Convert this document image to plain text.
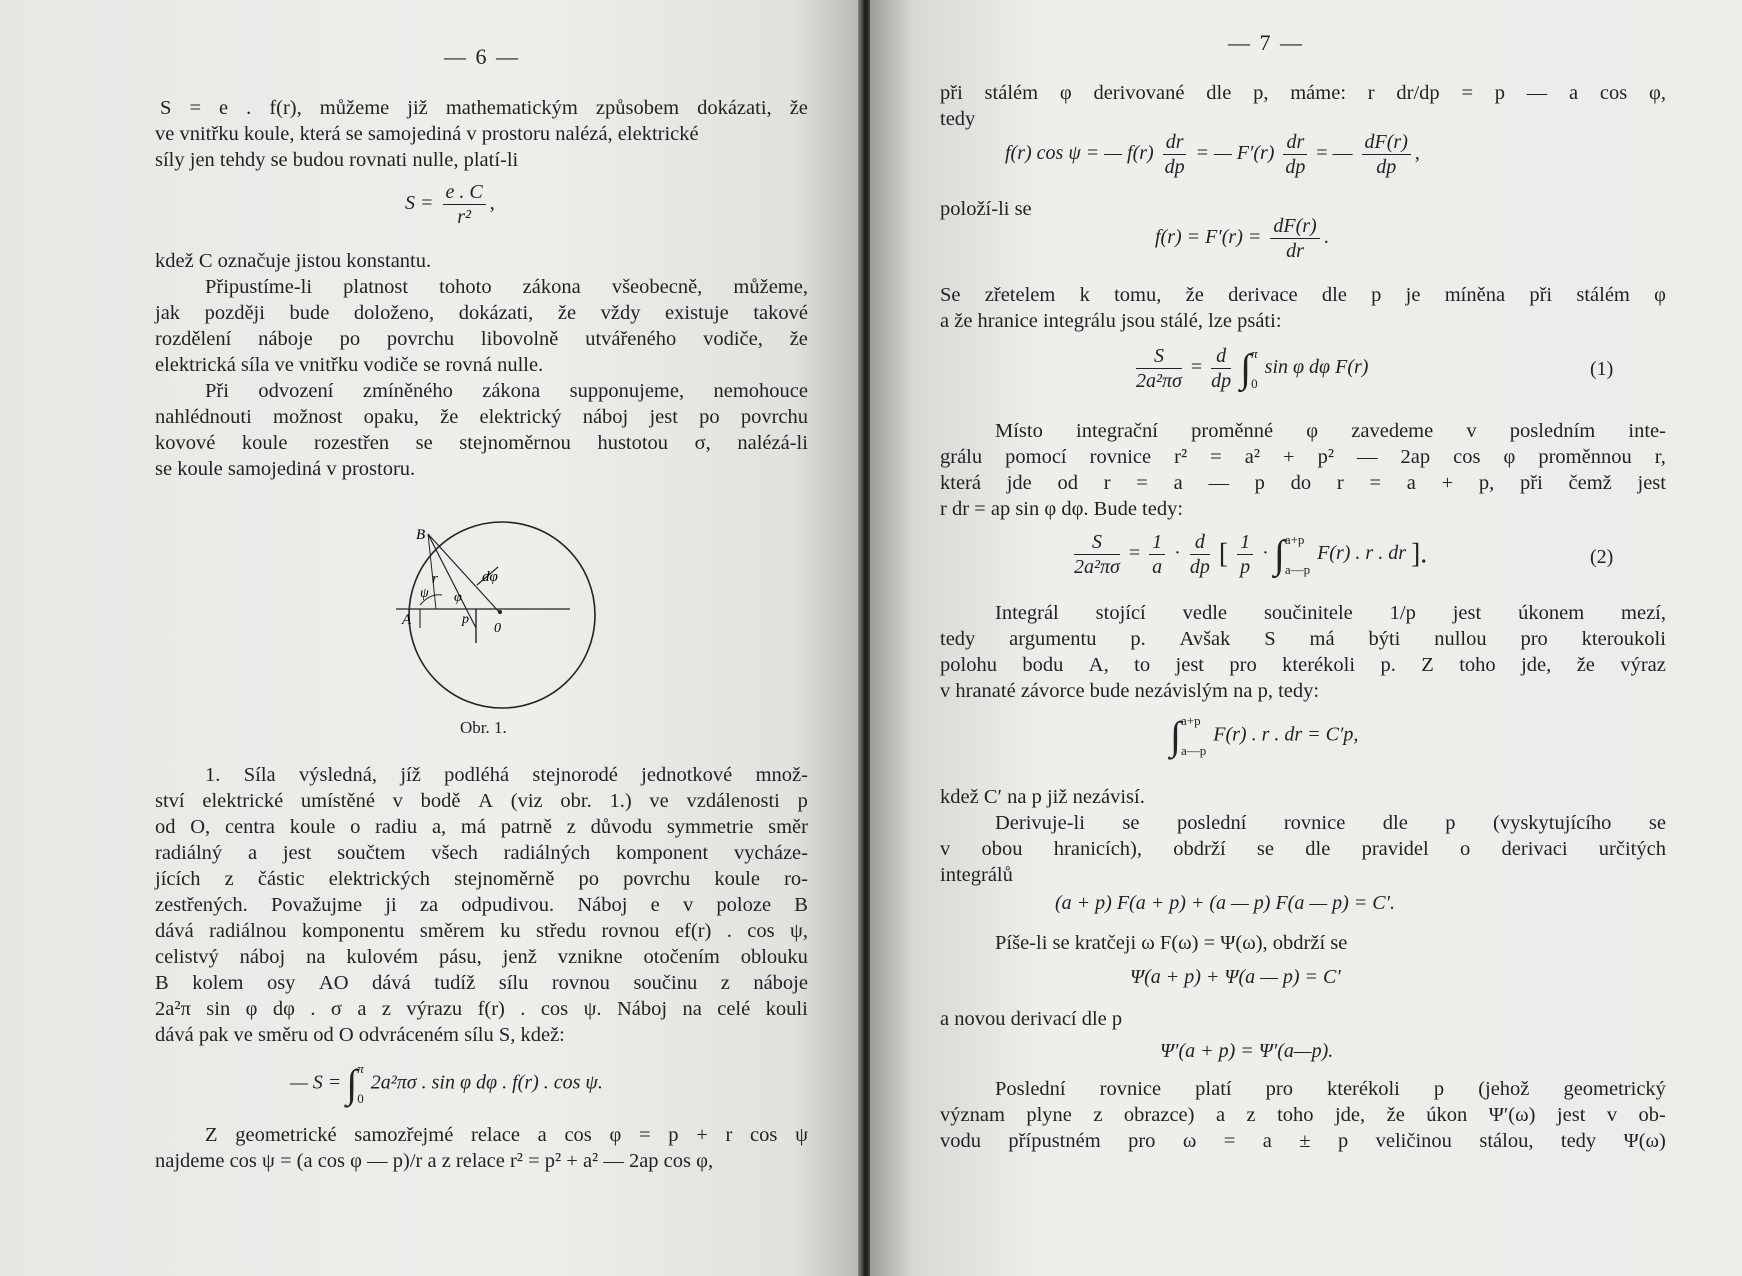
— 6 —
S = e . f(r), můžeme již mathematickým způsobem dokázati, že
ve vnitřku koule, která se samojediná v prostoru nalézá, elektrické
síly jen tehdy se budou rovnati nulle, platí-li
$S = \frac{e . C}{\text{r²}}$ ,
kdež C označuje jistou konstantu.
Připustíme-li platnost tohoto zákona všeobecně, můžeme,
jak později bude doloženo, dokázati, že vždy existuje takové
rozdělení náboje po povrchu libovolně utvářeného vodiče, že
elektrická síla ve vnitřku vodiče se rovná nulle.
Při odvození zmíněného zákona supponujeme, nemohouce
nahlédnouti možnost opaku, že elektrický náboj jest po povrchu
kovové koule rozestřen se stejnoměrnou hustotou σ, nalézá-li
se koule samojediná v prostoru.
B
r	dφ
ψ φ
A	p
0
Obr. 1.
1. Síla výsledná, jíž podléhá stejnorodé jednotkové množ-
ství elektrické umístěné v bodě A (viz obr. 1.) ve vzdálenosti p
od O, centra koule o radiu a, má patrně z důvodu symmetrie směr
radiálný a jest součtem všech radiálných komponent vycháze-
jících z částic elektrických stejnoměrně po povrchu koule ro-
zestřených. Považujme ji za odpudivou. Náboj e v poloze B
dává radiálnou komponentu směrem ku středu rovnou ef(r) . cos ψ,
celistvý náboj na kulovém pásu, jenž vznikne otočením oblouku
B kolem osy AO dává tudíž sílu rovnou součinu z náboje
2a²π sin φ dφ . σ a z výrazu f(r) . cos ψ. Náboj na celé kouli
dává pak ve směru od O odvráceném sílu S, kdež:
— S = ∫π
0
2a²πσ . sin φ dφ . f(r) . cos ψ.
Z geometrické samozřejmé relace a cos φ = p + r cos ψ
najdeme cos ψ = (a cos φ — p)/r a z relace r² = p² + a² — 2ap cos φ,
— 7 —
při stálém φ derivované dle p, máme: r dr/dp = p — a cos φ,
tedy
f(r) cos ψ = — $f(r) \frac{dr}{dp}$ = — $F'(r) \frac{dr}{dp}$ = — $\frac{dF(r)}{dp}$ ,
položí-li se
$f(r) = F'(r) = \frac{dF(r)}{dr}$ .
Se zřetelem k tomu, že derivace dle p je míněna při stálém φ
a že hranice integrálu jsou stálé, lze psáti:
$\frac{S}{\text{2a²πσ}} = \frac{d}{dp} \int\pi$
0
sin φ dφ F(r)	(1)
Místo integrační proměnné φ zavedeme v posledním inte-
grálu pomocí rovnice r² = a² + p² — 2ap cos φ proměnnou r,
která jde od r = a — p do r = a + p, při čemž jest
r dr = ap sin φ dφ. Bude tedy:
$\frac{S}{\text{2a²πσ}} = \frac{1}{a} \cdot \frac{d}{dp}$ [ $\frac{1}{p}$ · ∫ a+p
a—p
F(r) . r . dr ].	(2)
Integrál stojící vedle součinitele 1/p jest úkonem mezí,
tedy argumentu p. Avšak S má býti nullou pro kteroukoli
polohu bodu A, to jest pro kterékoli p. Z toho jde, že výraz
v hranaté závorce bude nezávislým na p, tedy:
∫ a+p
a—p
F(r) . r . dr = C′p,
kdež C′ na p již nezávisí.
Derivuje-li se poslední rovnice dle p (vyskytujícího se
v obou hranicích), obdrží se dle pravidel o derivaci určitých
integrálů
(a + p) F(a + p) + (a — p) F(a — p) = C′.
Píše-li se kratčeji ω F(ω) = Ψ(ω), obdrží se
Ψ(a + p) + Ψ(a — p) = C′
a novou derivací dle p
Ψ′(a + p) = Ψ′(a—p).
Poslední rovnice platí pro kterékoli p (jehož geometrický
význam plyne z obrazce) a z toho jde, že úkon Ψ′(ω) jest v ob-
vodu přípustném pro ω = a ± p veličinou stálou, tedy Ψ(ω)
